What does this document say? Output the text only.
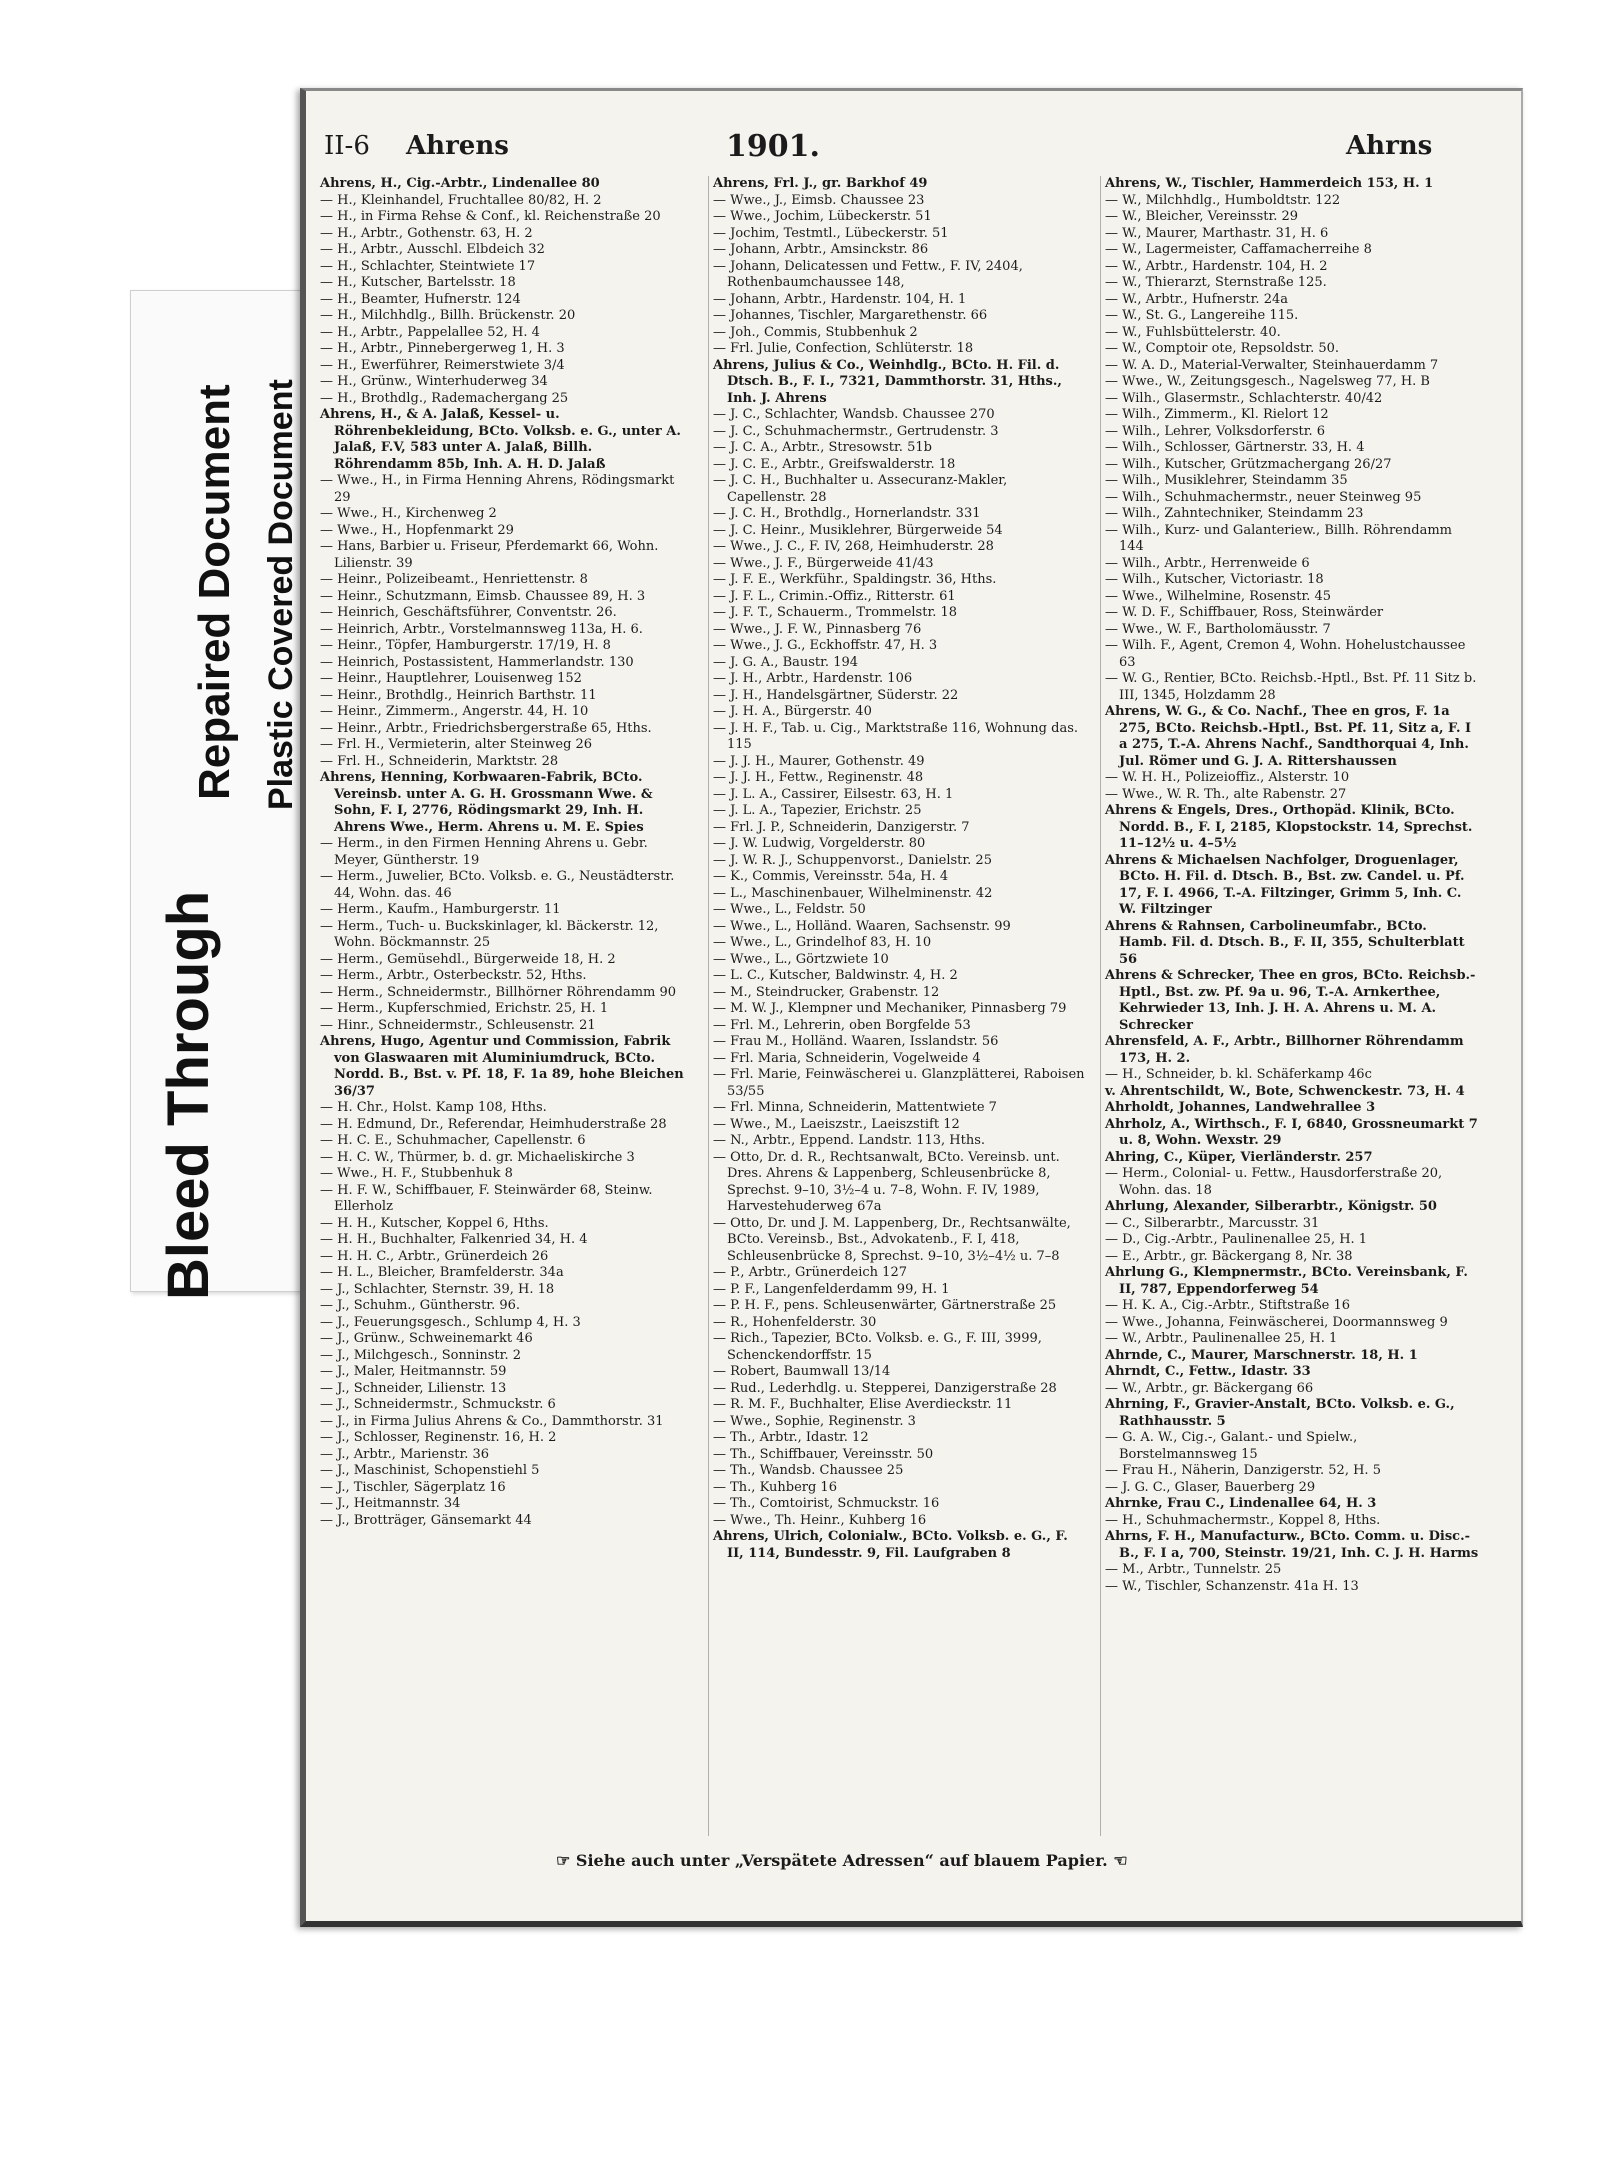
Bleed Through
Repaired Document Plastic Covered Document
II-6 Ahrens	1901.	Ahrns

Ahrens, H., Cig.-Arbtr., Lindenallee 80

— H., Kleinhandel, Fruchtallee 80/82, H. 2

— H., in Firma Rehse & Conf., kl. Reichenstraße 20

— H., Arbtr., Gothenstr. 63, H. 2

— H., Arbtr., Ausschl. Elbdeich 32

— H., Schlachter, Steintwiete 17

— H., Kutscher, Bartelsstr. 18

— H., Beamter, Hufnerstr. 124

— H., Milchhdlg., Billh. Brückenstr. 20

— H., Arbtr., Pappelallee 52, H. 4

— H., Arbtr., Pinnebergerweg 1, H. 3

— H., Ewerführer, Reimerstwiete 3/4

— H., Grünw., Winterhuderweg 34

— H., Brothdlg., Rademachergang 25

Ahrens, H., & A. Jalaß, Kessel- u. Röhrenbekleidung, BCto. Volksb. e. G., unter A. Jalaß, F.V, 583 unter A. Jalaß, Billh. Röhrendamm 85b, Inh. A. H. D. Jalaß

— Wwe., H., in Firma Henning Ahrens, Rödingsmarkt 29

— Wwe., H., Kirchenweg 2

— Wwe., H., Hopfenmarkt 29

— Hans, Barbier u. Friseur, Pferdemarkt 66, Wohn. Lilienstr. 39

— Heinr., Polizeibeamt., Henriettenstr. 8

— Heinr., Schutzmann, Eimsb. Chaussee 89, H. 3

— Heinrich, Geschäftsführer, Conventstr. 26.

— Heinrich, Arbtr., Vorstelmannsweg 113a, H. 6.

— Heinr., Töpfer, Hamburgerstr. 17/19, H. 8

— Heinrich, Postassistent, Hammerlandstr. 130

— Heinr., Hauptlehrer, Louisenweg 152

— Heinr., Brothdlg., Heinrich Barthstr. 11

— Heinr., Zimmerm., Angerstr. 44, H. 10

— Heinr., Arbtr., Friedrichsbergerstraße 65, Hths.

— Frl. H., Vermieterin, alter Steinweg 26

— Frl. H., Schneiderin, Marktstr. 28

Ahrens, Henning, Korbwaaren-Fabrik, BCto. Vereinsb. unter A. G. H. Grossmann Wwe. & Sohn, F. I, 2776, Rödingsmarkt 29, Inh. H. Ahrens Wwe., Herm. Ahrens u. M. E. Spies

— Herm., in den Firmen Henning Ahrens u. Gebr. Meyer, Güntherstr. 19

— Herm., Juwelier, BCto. Volksb. e. G., Neustädterstr. 44, Wohn. das. 46

— Herm., Kaufm., Hamburgerstr. 11

— Herm., Tuch- u. Buckskinlager, kl. Bäckerstr. 12, Wohn. Böckmannstr. 25

— Herm., Gemüsehdl., Bürgerweide 18, H. 2

— Herm., Arbtr., Osterbeckstr. 52, Hths.

— Herm., Schneidermstr., Billhörner Röhrendamm 90

— Herm., Kupferschmied, Erichstr. 25, H. 1

— Hinr., Schneidermstr., Schleusenstr. 21

Ahrens, Hugo, Agentur und Commission, Fabrik von Glaswaaren mit Aluminiumdruck, BCto. Nordd. B., Bst. v. Pf. 18, F. 1a 89, hohe Bleichen 36/37

— H. Chr., Holst. Kamp 108, Hths.

— H. Edmund, Dr., Referendar, Heimhuderstraße 28

— H. C. E., Schuhmacher, Capellenstr. 6

— H. C. W., Thürmer, b. d. gr. Michaeliskirche 3

— Wwe., H. F., Stubbenhuk 8

— H. F. W., Schiffbauer, F. Steinwärder 68, Steinw. Ellerholz

— H. H., Kutscher, Koppel 6, Hths.

— H. H., Buchhalter, Falkenried 34, H. 4

— H. H. C., Arbtr., Grünerdeich 26

— H. L., Bleicher, Bramfelderstr. 34a

— J., Schlachter, Sternstr. 39, H. 18

— J., Schuhm., Güntherstr. 96.

— J., Feuerungsgesch., Schlump 4, H. 3

— J., Grünw., Schweinemarkt 46

— J., Milchgesch., Sonninstr. 2

— J., Maler, Heitmannstr. 59

— J., Schneider, Lilienstr. 13

— J., Schneidermstr., Schmuckstr. 6

— J., in Firma Julius Ahrens & Co., Dammthorstr. 31

— J., Schlosser, Reginenstr. 16, H. 2

— J., Arbtr., Marienstr. 36

— J., Maschinist, Schopenstiehl 5

— J., Tischler, Sägerplatz 16

— J., Heitmannstr. 34

— J., Brotträger, Gänsemarkt 44

Ahrens, Frl. J., gr. Barkhof 49

— Wwe., J., Eimsb. Chaussee 23

— Wwe., Jochim, Lübeckerstr. 51

— Jochim, Testmtl., Lübeckerstr. 51

— Johann, Arbtr., Amsinckstr. 86

— Johann, Delicatessen und Fettw., F. IV, 2404, Rothenbaumchaussee 148,

— Johann, Arbtr., Hardenstr. 104, H. 1

— Johannes, Tischler, Margarethenstr. 66

— Joh., Commis, Stubbenhuk 2

— Frl. Julie, Confection, Schlüterstr. 18

Ahrens, Julius & Co., Weinhdlg., BCto. H. Fil. d. Dtsch. B., F. I., 7321, Dammthorstr. 31, Hths., Inh. J. Ahrens

— J. C., Schlachter, Wandsb. Chaussee 270

— J. C., Schuhmachermstr., Gertrudenstr. 3

— J. C. A., Arbtr., Stresowstr. 51b

— J. C. E., Arbtr., Greifswalderstr. 18

— J. C. H., Buchhalter u. Assecuranz-Makler, Capellenstr. 28

— J. C. H., Brothdlg., Hornerlandstr. 331

— J. C. Heinr., Musiklehrer, Bürgerweide 54

— Wwe., J. C., F. IV, 268, Heimhuderstr. 28

— Wwe., J. F., Bürgerweide 41/43

— J. F. E., Werkführ., Spaldingstr. 36, Hths.

— J. F. L., Crimin.-Offiz., Ritterstr. 61

— J. F. T., Schauerm., Trommelstr. 18

— Wwe., J. F. W., Pinnasberg 76

— Wwe., J. G., Eckhoffstr. 47, H. 3

— J. G. A., Baustr. 194

— J. H., Arbtr., Hardenstr. 106

— J. H., Handelsgärtner, Süderstr. 22

— J. H. A., Bürgerstr. 40

— J. H. F., Tab. u. Cig., Marktstraße 116, Wohnung das. 115

— J. J. H., Maurer, Gothenstr. 49

— J. J. H., Fettw., Reginenstr. 48

— J. L. A., Cassirer, Eilsestr. 63, H. 1

— J. L. A., Tapezier, Erichstr. 25

— Frl. J. P., Schneiderin, Danzigerstr. 7

— J. W. Ludwig, Vorgelderstr. 80

— J. W. R. J., Schuppenvorst., Danielstr. 25

— K., Commis, Vereinsstr. 54a, H. 4

— L., Maschinenbauer, Wilhelminenstr. 42

— Wwe., L., Feldstr. 50

— Wwe., L., Holländ. Waaren, Sachsenstr. 99

— Wwe., L., Grindelhof 83, H. 10

— Wwe., L., Görtzwiete 10

— L. C., Kutscher, Baldwinstr. 4, H. 2

— M., Steindrucker, Grabenstr. 12

— M. W. J., Klempner und Mechaniker, Pinnasberg 79

— Frl. M., Lehrerin, oben Borgfelde 53

— Frau M., Holländ. Waaren, Isslandstr. 56

— Frl. Maria, Schneiderin, Vogelweide 4

— Frl. Marie, Feinwäscherei u. Glanzplätterei, Raboisen 53/55

— Frl. Minna, Schneiderin, Mattentwiete 7

— Wwe., M., Laeiszstr., Laeiszstift 12

— N., Arbtr., Eppend. Landstr. 113, Hths.

— Otto, Dr. d. R., Rechtsanwalt, BCto. Vereinsb. unt. Dres. Ahrens & Lappenberg, Schleusenbrücke 8, Sprechst. 9–10, 3½–4 u. 7–8, Wohn. F. IV, 1989, Harvestehuderweg 67a

— Otto, Dr. und J. M. Lappenberg, Dr., Rechtsanwälte, BCto. Vereinsb., Bst., Advokatenb., F. I, 418, Schleusenbrücke 8, Sprechst. 9–10, 3½–4½ u. 7–8

— P., Arbtr., Grünerdeich 127

— P. F., Langenfelderdamm 99, H. 1

— P. H. F., pens. Schleusenwärter, Gärtnerstraße 25

— R., Hohenfelderstr. 30

— Rich., Tapezier, BCto. Volksb. e. G., F. III, 3999, Schenckendorffstr. 15

— Robert, Baumwall 13/14

— Rud., Lederhdlg. u. Stepperei, Danzigerstraße 28

— R. M. F., Buchhalter, Elise Averdieckstr. 11

— Wwe., Sophie, Reginenstr. 3

— Th., Arbtr., Idastr. 12

— Th., Schiffbauer, Vereinsstr. 50

— Th., Wandsb. Chaussee 25

— Th., Kuhberg 16

— Th., Comtoirist, Schmuckstr. 16

— Wwe., Th. Heinr., Kuhberg 16

Ahrens, Ulrich, Colonialw., BCto. Volksb. e. G., F. II, 114, Bundesstr. 9, Fil. Laufgraben 8

Ahrens, W., Tischler, Hammerdeich 153, H. 1

— W., Milchhdlg., Humboldtstr. 122

— W., Bleicher, Vereinsstr. 29

— W., Maurer, Marthastr. 31, H. 6

— W., Lagermeister, Caffamacherreihe 8

— W., Arbtr., Hardenstr. 104, H. 2

— W., Thierarzt, Sternstraße 125.

— W., Arbtr., Hufnerstr. 24a

— W., St. G., Langereihe 115.

— W., Fuhlsbüttelerstr. 40.

— W., Comptoir ote, Repsoldstr. 50.

— W. A. D., Material-Verwalter, Steinhauerdamm 7

— Wwe., W., Zeitungsgesch., Nagelsweg 77, H. B

— Wilh., Glasermstr., Schlachterstr. 40/42

— Wilh., Zimmerm., Kl. Rielort 12

— Wilh., Lehrer, Volksdorferstr. 6

— Wilh., Schlosser, Gärtnerstr. 33, H. 4

— Wilh., Kutscher, Grützmachergang 26/27

— Wilh., Musiklehrer, Steindamm 35

— Wilh., Schuhmachermstr., neuer Steinweg 95

— Wilh., Zahntechniker, Steindamm 23

— Wilh., Kurz- und Galanteriew., Billh. Röhrendamm 144

— Wilh., Arbtr., Herrenweide 6

— Wilh., Kutscher, Victoriastr. 18

— Wwe., Wilhelmine, Rosenstr. 45

— W. D. F., Schiffbauer, Ross, Steinwärder

— Wwe., W. F., Bartholomäusstr. 7

— Wilh. F., Agent, Cremon 4, Wohn. Hohelustchaussee 63

— W. G., Rentier, BCto. Reichsb.-Hptl., Bst. Pf. 11 Sitz b. III, 1345, Holzdamm 28

Ahrens, W. G., & Co. Nachf., Thee en gros, F. 1a 275, BCto. Reichsb.-Hptl., Bst. Pf. 11, Sitz a, F. I a 275, T.-A. Ahrens Nachf., Sandthorquai 4, Inh. Jul. Römer und G. J. A. Rittershaussen

— W. H. H., Polizeioffiz., Alsterstr. 10

— Wwe., W. R. Th., alte Rabenstr. 27

Ahrens & Engels, Dres., Orthopäd. Klinik, BCto. Nordd. B., F. I, 2185, Klopstockstr. 14, Sprechst. 11–12½ u. 4–5½

Ahrens & Michaelsen Nachfolger, Droguenlager, BCto. H. Fil. d. Dtsch. B., Bst. zw. Candel. u. Pf. 17, F. I. 4966, T.-A. Filtzinger, Grimm 5, Inh. C. W. Filtzinger

Ahrens & Rahnsen, Carbolineumfabr., BCto. Hamb. Fil. d. Dtsch. B., F. II, 355, Schulterblatt 56

Ahrens & Schrecker, Thee en gros, BCto. Reichsb.-Hptl., Bst. zw. Pf. 9a u. 96, T.-A. Arnkerthee, Kehrwieder 13, Inh. J. H. A. Ahrens u. M. A. Schrecker

Ahrensfeld, A. F., Arbtr., Billhorner Röhrendamm 173, H. 2.

— H., Schneider, b. kl. Schäferkamp 46c

v. Ahrentschildt, W., Bote, Schwenckestr. 73, H. 4

Ahrholdt, Johannes, Landwehrallee 3

Ahrholz, A., Wirthsch., F. I, 6840, Grossneumarkt 7 u. 8, Wohn. Wexstr. 29

Ahring, C., Küper, Vierländerstr. 257

— Herm., Colonial- u. Fettw., Hausdorferstraße 20, Wohn. das. 18

Ahrlung, Alexander, Silberarbtr., Königstr. 50

— C., Silberarbtr., Marcusstr. 31

— D., Cig.-Arbtr., Paulinenallee 25, H. 1

— E., Arbtr., gr. Bäckergang 8, Nr. 38

Ahrlung G., Klempnermstr., BCto. Vereinsbank, F. II, 787, Eppendorferweg 54

— H. K. A., Cig.-Arbtr., Stiftstraße 16

— Wwe., Johanna, Feinwäscherei, Doormannsweg 9

— W., Arbtr., Paulinenallee 25, H. 1

Ahrnde, C., Maurer, Marschnerstr. 18, H. 1

Ahrndt, C., Fettw., Idastr. 33

— W., Arbtr., gr. Bäckergang 66

Ahrning, F., Gravier-Anstalt, BCto. Volksb. e. G., Rathhausstr. 5

— G. A. W., Cig.-, Galant.- und Spielw., Borstelmannsweg 15

— Frau H., Näherin, Danzigerstr. 52, H. 5

— J. G. C., Glaser, Bauerberg 29

Ahrnke, Frau C., Lindenallee 64, H. 3

— H., Schuhmachermstr., Koppel 8, Hths.

Ahrns, F. H., Manufacturw., BCto. Comm. u. Disc.-B., F. I a, 700, Steinstr. 19/21, Inh. C. J. H. Harms

— M., Arbtr., Tunnelstr. 25

— W., Tischler, Schanzenstr. 41a H. 13

☞ Siehe auch unter „Verspätete Adressen“ auf blauem Papier. ☜
